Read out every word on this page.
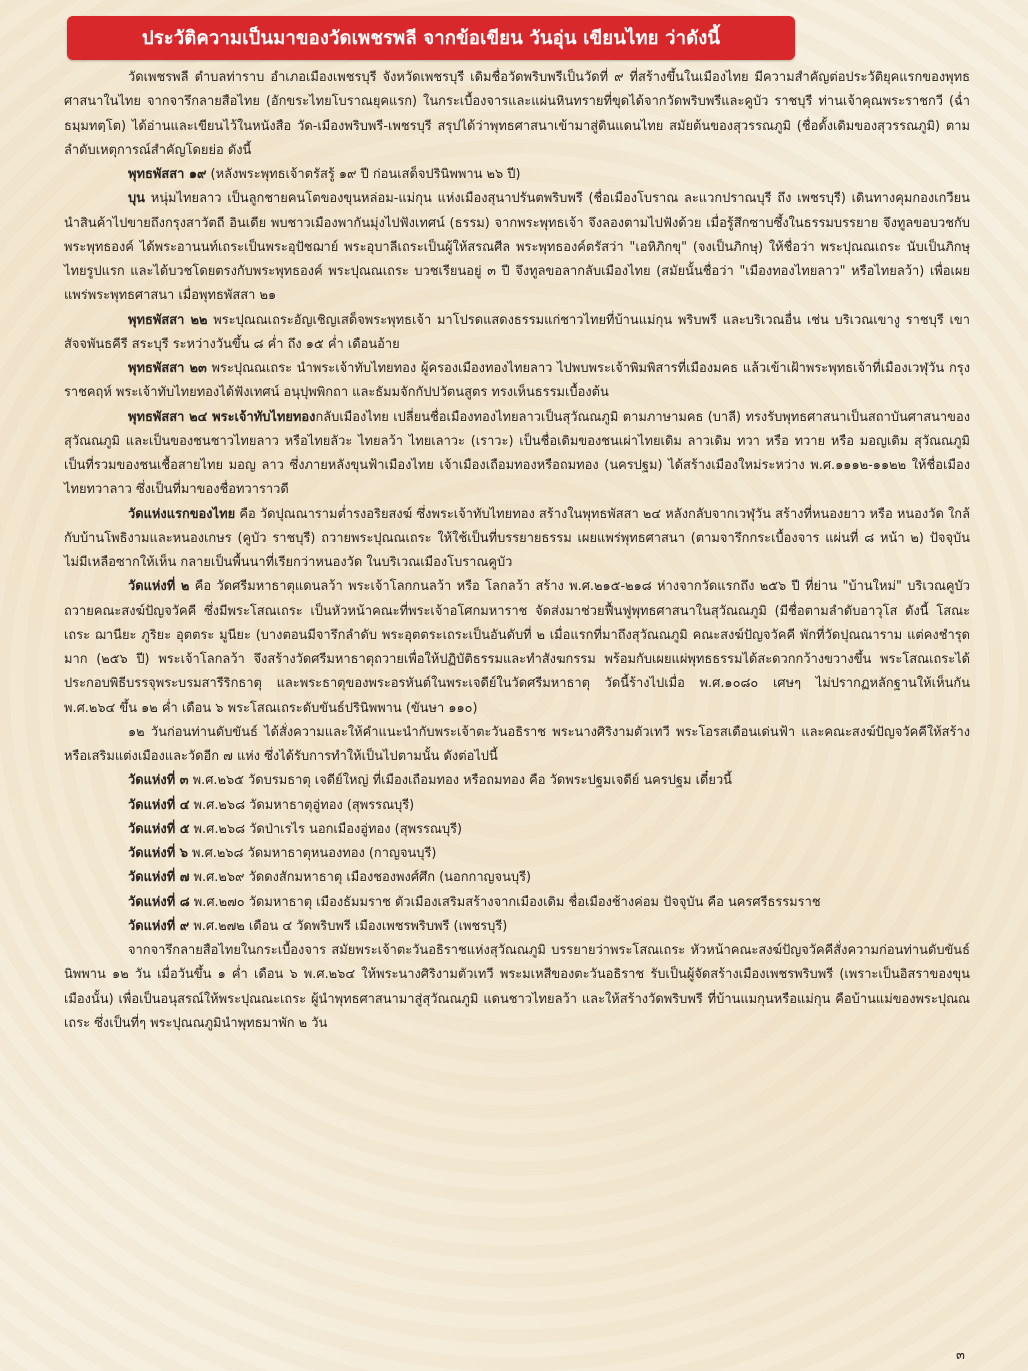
ประวัติความเป็นมาของวัดเพชรพลี จากข้อเขียน วันอุ่น เขียนไทย ว่าดังนี้

วัดเพชรพลี ตำบลท่าราบ อำเภอเมืองเพชรบุรี จังหวัดเพชรบุรี เดิมชื่อวัดพริบพรีเป็นวัดที่ ๙ ที่สร้างขึ้นในเมืองไทย มีความสำคัญต่อประวัติยุคแรกของพุทธศาสนาในไทย จากจารึกลายสือไทย (อักขระไทยโบราณยุคแรก) ในกระเบื้องจารและแผ่นหินทรายที่ขุดได้จากวัดพริบพรีและคูบัว ราชบุรี ท่านเจ้าคุณพระราชกวี (ฉ่ำ ธมฺมทตฺโต) ได้อ่านและเขียนไว้ในหนังสือ วัด-เมืองพริบพรี-เพชรบุรี สรุปได้ว่าพุทธศาสนาเข้ามาสู่ดินแดนไทย สมัยต้นของสุวรรณภูมิ (ชื่อดั้งเดิมของสุวรรณภูมิ) ตามลำดับเหตุการณ์สำคัญโดยย่อ ดังนี้

พุทธพัสสา ๑๙ (หลังพระพุทธเจ้าตรัสรู้ ๑๙ ปี ก่อนเสด็จปรินิพพาน ๒๖ ปี)

บุน หนุ่มไทยลาว เป็นลูกชายคนโตของขุนหล่อม-แม่กุน แห่งเมืองสุนาปรันตพริบพรี (ชื่อเมืองโบราณ ละแวกปราณบุรี ถึง เพชรบุรี) เดินทางคุมกองเกวียนนำสินค้าไปขายถึงกรุงสาวัตถี อินเดีย พบชาวเมืองพากันมุ่งไปฟังเทศน์ (ธรรม) จากพระพุทธเจ้า จึงลองตามไปฟังด้วย เมื่อรู้สึกซาบซึ้งในธรรมบรรยาย จึงทูลขอบวชกับพระพุทธองค์ ได้พระอานนท์เถระเป็นพระอุปัชฌาย์ พระอุบาลีเถระเป็นผู้ให้สรณศีล พระพุทธองค์ตรัสว่า "เอหิภิกขุ" (จงเป็นภิกษุ) ให้ชื่อว่า พระปุณณเถระ นับเป็นภิกษุไทยรูปแรก และได้บวชโดยตรงกับพระพุทธองค์ พระปุณณเถระ บวชเรียนอยู่ ๓ ปี จึงทูลขอลากลับเมืองไทย (สมัยนั้นชื่อว่า "เมืองทองไทยลาว" หรือไทยลว้า) เพื่อเผยแพร่พระพุทธศาสนา เมื่อพุทธพัสสา ๒๑

พุทธพัสสา ๒๒ พระปุณณเถระอัญเชิญเสด็จพระพุทธเจ้า มาโปรดแสดงธรรมแก่ชาวไทยที่บ้านแม่กุน พริบพรี และบริเวณอื่น เช่น บริเวณเขางู ราชบุรี เขาสัจจพันธคีรี สระบุรี ระหว่างวันขึ้น ๘ ค่ำ ถึง ๑๕ ค่ำ เดือนอ้าย

พุทธพัสสา ๒๓ พระปุณณเถระ นำพระเจ้าทับไทยทอง ผู้ครองเมืองทองไทยลาว ไปพบพระเจ้าพิมพิสารที่เมืองมคธ แล้วเข้าเฝ้าพระพุทธเจ้าที่เมืองเวฬุวัน กรุงราชคฤห์ พระเจ้าทับไทยทองได้ฟังเทศน์ อนุปุพพิกถา และธัมมจักกัปปวัตนสูตร ทรงเห็นธรรมเบื้องต้น

พุทธพัสสา ๒๔ พระเจ้าทับไทยทองกลับเมืองไทย เปลี่ยนชื่อเมืองทองไทยลาวเป็นสุวัณณภูมิ ตามภาษามคธ (บาลี) ทรงรับพุทธศาสนาเป็นสถาบันศาสนาของสุวัณณภูมิ และเป็นของชนชาวไทยลาว หรือไทยลัวะ ไทยลว้า ไทยเลาวะ (เราวะ) เป็นชื่อเดิมของชนเผ่าไทยเดิม ลาวเดิม ทวา หรือ ทวาย หรือ มอญเดิม สุวัณณภูมิ เป็นที่รวมของชนเชื้อสายไทย มอญ ลาว ซึ่งภายหลังขุนฟ้าเมืองไทย เจ้าเมืองเถือมทองหรือถมทอง (นครปฐม) ได้สร้างเมืองใหม่ระหว่าง พ.ศ.๑๑๑๒-๑๑๒๒ ให้ชื่อเมืองไทยทวาลาว ซึ่งเป็นที่มาของชื่อทวาราวดี

วัดแห่งแรกของไทย คือ วัดปุณณารามต่ำรงอริยสงฆ์ ซึ่งพระเจ้าทับไทยทอง สร้างในพุทธพัสสา ๒๔ หลังกลับจากเวฬุวัน สร้างที่หนองยาว หรือ หนองวัด ใกล้กับบ้านโพธิงามและหนองเกษร (คูบัว ราชบุรี) ถวายพระปุณณเถระ ให้ใช้เป็นที่บรรยายธรรม เผยแพร่พุทธศาสนา (ตามจารึกกระเบื้องจาร แผ่นที่ ๘ หน้า ๒) ปัจจุบันไม่มีเหลือซากให้เห็น กลายเป็นพื้นนาที่เรียกว่าหนองวัด ในบริเวณเมืองโบราณคูบัว

วัดแห่งที่ ๒ คือ วัดศรีมหาธาตุแดนลว้า พระเจ้าโลกกนลว้า หรือ โลกลว้า สร้าง พ.ศ.๒๑๕-๒๑๘ ห่างจากวัดแรกถึง ๒๕๖ ปี ที่ย่าน "บ้านใหม่" บริเวณคูบัว ถวายคณะสงฆ์ปัญจวัคคี ซึ่งมีพระโสณเถระ เป็นหัวหน้าคณะที่พระเจ้าอโศกมหาราช จัดส่งมาช่วยฟื้นฟูพุทธศาสนาในสุวัณณภูมิ (มีชื่อตามลำดับอาวุโส ดังนี้ โสณะเถระ ฌานียะ ภูริยะ อุตตระ มูนียะ (บางตอนมีจารึกลำดับ พระอุตตระเถระเป็นอันดับที่ ๒ เมื่อแรกที่มาถึงสุวัณณภูมิ คณะสงฆ์ปัญจวัคคี พักที่วัดปุณณาราม แต่คงชำรุดมาก (๒๕๖ ปี) พระเจ้าโลกลว้า จึงสร้างวัดศรีมหาธาตุถวายเพื่อให้ปฏิบัติธรรมและทำสังฆกรรม พร้อมกับเผยแผ่พุทธธรรมได้สะดวกกว้างขวางขึ้น พระโสณเถระได้ประกอบพิธีบรรจุพระบรมสารีริกธาตุ และพระธาตุของพระอรหันต์ในพระเจดีย์ในวัดศรีมหาธาตุ วัดนี้ร้างไปเมื่อ พ.ศ.๑๐๘๐ เศษๆ ไม่ปรากฏหลักฐานให้เห็นกัน พ.ศ.๒๖๔ ขึ้น ๑๒ ค่ำ เดือน ๖ พระโสณเถระดับขันธ์ปรินิพพาน (ขันษา ๑๑๐)

๑๒ วันก่อนท่านดับขันธ์ ได้สั่งความและให้คำแนะนำกับพระเจ้าตะวันอธิราช พระนางศิริงามตัวเทวี พระโอรสเดือนเด่นฟ้า และคณะสงฆ์ปัญจวัคคีให้สร้างหรือเสริมแต่งเมืองและวัดอีก ๗ แห่ง ซึ่งได้รับการทำให้เป็นไปตามนั้น ดังต่อไปนี้

วัดแห่งที่ ๓ พ.ศ.๒๖๕ วัดบรมธาตุ เจดีย์ใหญ่ ที่เมืองเถือมทอง หรือถมทอง คือ วัดพระปฐมเจดีย์ นครปฐม เดี๋ยวนี้

วัดแห่งที่ ๔ พ.ศ.๒๖๘ วัดมหาธาตุอู่ทอง (สุพรรณบุรี)

วัดแห่งที่ ๕ พ.ศ.๒๖๘ วัดป่าเรไร นอกเมืองอู่ทอง (สุพรรณบุรี)

วัดแห่งที่ ๖ พ.ศ.๒๖๘ วัดมหาธาตุหนองทอง (กาญจนบุรี)

วัดแห่งที่ ๗ พ.ศ.๒๖๙ วัดดงสักมหาธาตุ เมืองชองพงศ์ศึก (นอกกาญจนบุรี)

วัดแห่งที่ ๘ พ.ศ.๒๗๐ วัดมหาธาตุ เมืองธัมมราช ตัวเมืองเสริมสร้างจากเมืองเดิม ชื่อเมืองช้างค่อม ปัจจุบัน คือ นครศรีธรรมราช

วัดแห่งที่ ๙ พ.ศ.๒๗๒ เดือน ๔ วัดพริบพรี เมืองเพชรพริบพรี (เพชรบุรี)

จากจารึกลายสือไทยในกระเบื้องจาร สมัยพระเจ้าตะวันอธิราชแห่งสุวัณณภูมิ บรรยายว่าพระโสณเถระ หัวหน้าคณะสงฆ์ปัญจวัคคีสั่งความก่อนท่านดับขันธ์นิพพาน ๑๒ วัน เมื่อวันขึ้น ๑ ค่ำ เดือน ๖ พ.ศ.๒๖๔ ให้พระนางศิริงามตัวเทวี พระมเหสีของตะวันอธิราช รับเป็นผู้จัดสร้างเมืองเพชรพริบพรี (เพราะเป็นอิสราของขุนเมืองนั้น) เพื่อเป็นอนุสรณ์ให้พระปุณณะเถระ ผู้นำพุทธศาสนามาสู่สุวัณณภูมิ แดนชาวไทยลว้า และให้สร้างวัดพริบพรี ที่บ้านแมกุนหรือแม่กุน คือบ้านแม่ของพระปุณณเถระ ซึ่งเป็นที่ๆ พระปุณณภูมินำพุทธมาพัก ๒ วัน

๓
